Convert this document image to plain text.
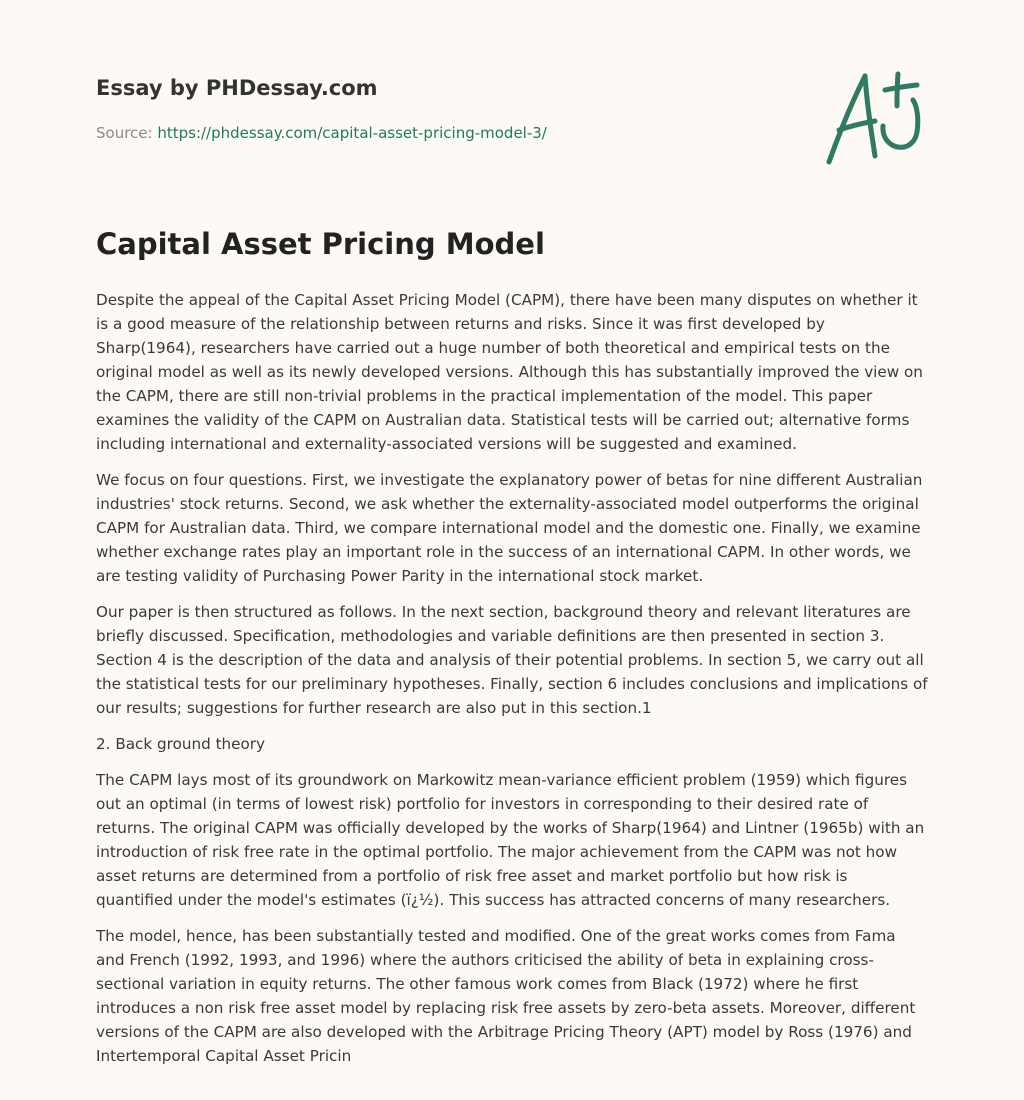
Essay by PHDessay.com
Source: https://phdessay.com/capital-asset-pricing-model-3/
Capital Asset Pricing Model

Despite the appeal of the Capital Asset Pricing Model (CAPM), there have been many disputes on whether it is a good measure of the relationship between returns and risks. Since it was first developed by Sharp(1964), researchers have carried out a huge number of both theoretical and empirical tests on the original model as well as its newly developed versions. Although this has substantially improved the view on the CAPM, there are still non-trivial problems in the practical implementation of the model. This paper examines the validity of the CAPM on Australian data. Statistical tests will be carried out; alternative forms including international and externality-associated versions will be suggested and examined.

We focus on four questions. First, we investigate the explanatory power of betas for nine different Australian industries' stock returns. Second, we ask whether the externality-associated model outperforms the original CAPM for Australian data. Third, we compare international model and the domestic one. Finally, we examine whether exchange rates play an important role in the success of an international CAPM. In other words, we are testing validity of Purchasing Power Parity in the international stock market.

Our paper is then structured as follows. In the next section, background theory and relevant literatures are briefly discussed. Specification, methodologies and variable definitions are then presented in section 3. Section 4 is the description of the data and analysis of their potential problems. In section 5, we carry out all the statistical tests for our preliminary hypotheses. Finally, section 6 includes conclusions and implications of our results; suggestions for further research are also put in this section.1

2. Back ground theory

The CAPM lays most of its groundwork on Markowitz mean-variance efficient problem (1959) which figures out an optimal (in terms of lowest risk) portfolio for investors in corresponding to their desired rate of returns. The original CAPM was officially developed by the works of Sharp(1964) and Lintner (1965b) with an introduction of risk free rate in the optimal portfolio. The major achievement from the CAPM was not how asset returns are determined from a portfolio of risk free asset and market portfolio but how risk is quantified under the model's estimates (ï¿½). This success has attracted concerns of many researchers.

The model, hence, has been substantially tested and modified. One of the great works comes from Fama and French (1992, 1993, and 1996) where the authors criticised the ability of beta in explaining cross-sectional variation in equity returns. The other famous work comes from Black (1972) where he first introduces a non risk free asset model by replacing risk free assets by zero-beta assets. Moreover, different versions of the CAPM are also developed with the Arbitrage Pricing Theory (APT) model by Ross (1976) and Intertemporal Capital Asset Pricin
